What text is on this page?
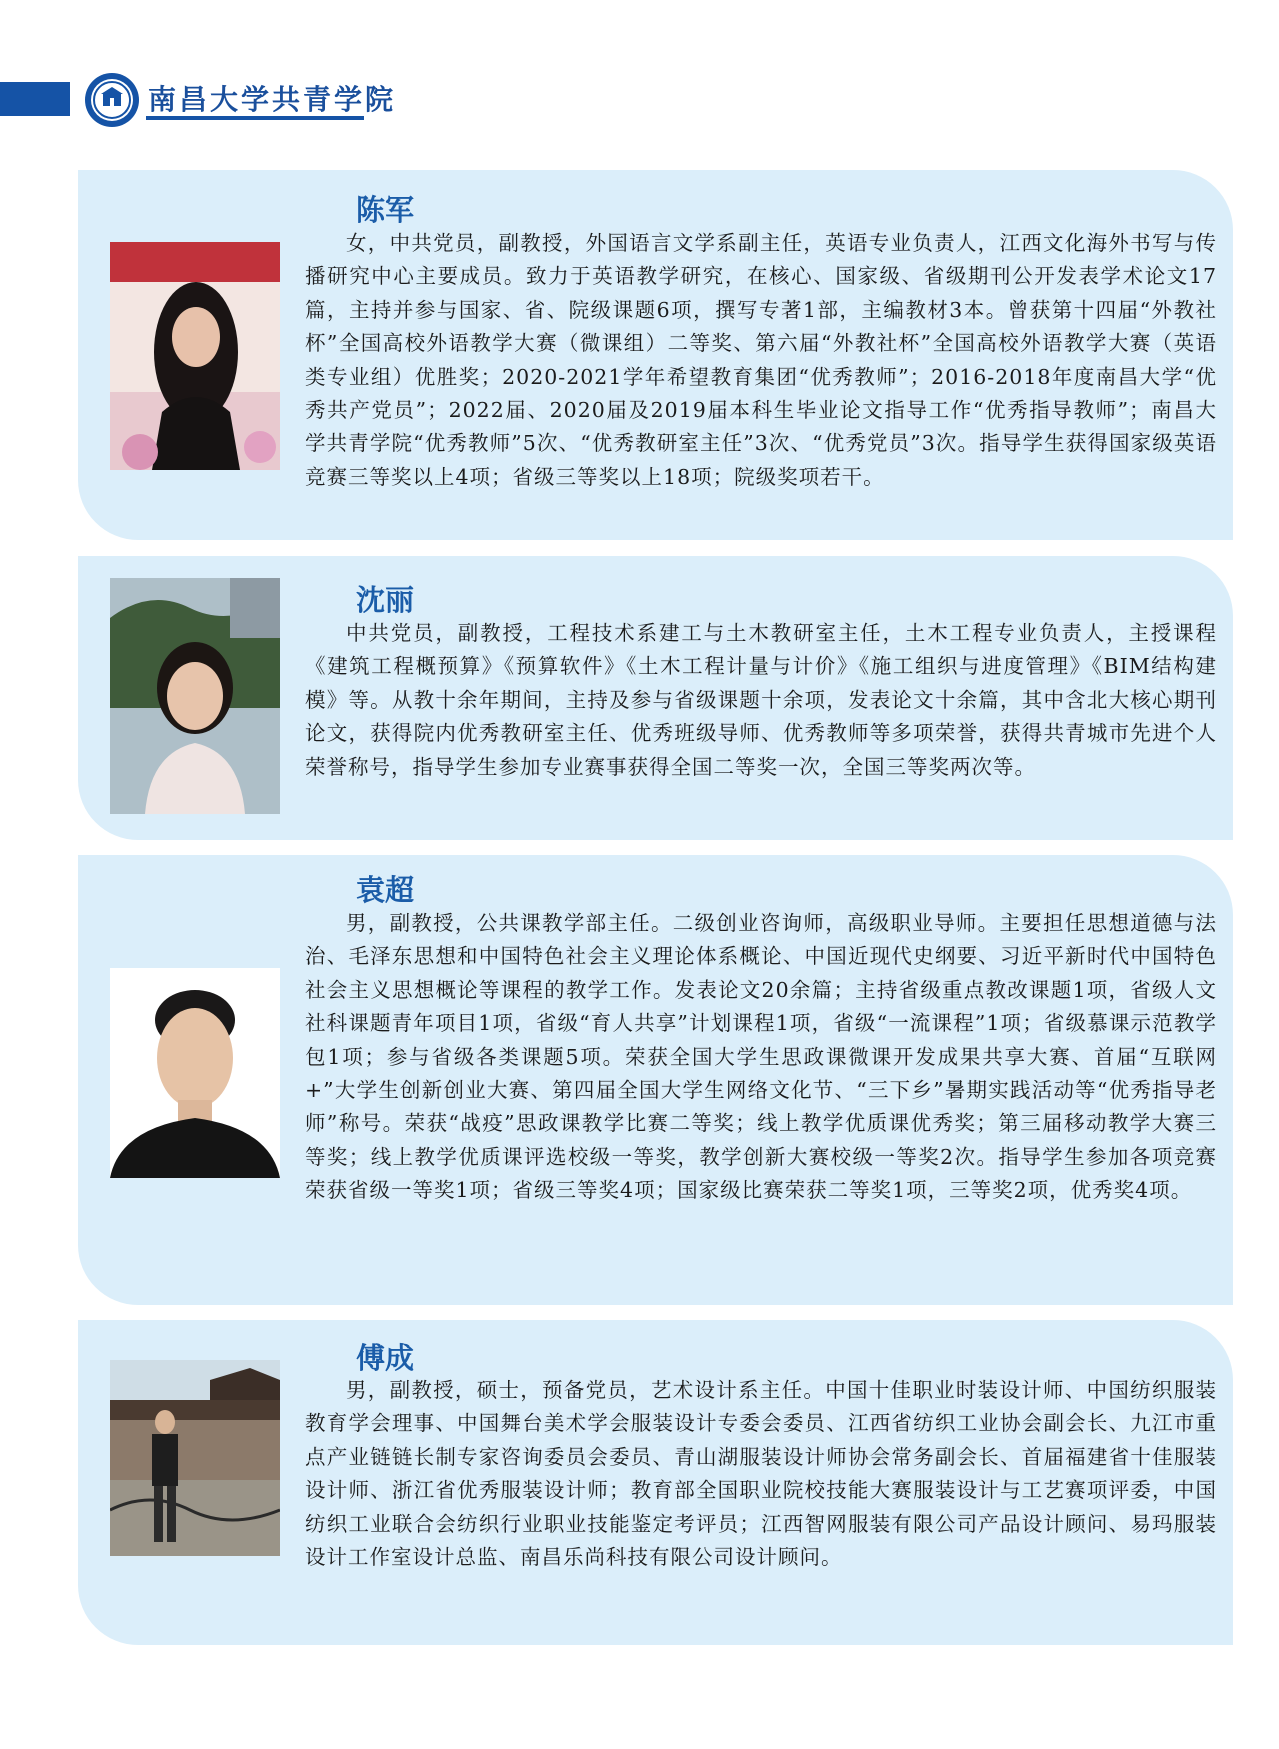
南昌大学共青学院
陈军

女，中共党员，副教授，外国语言文学系副主任，英语专业负责人，江西文化海外书写与传播研究中心主要成员。致力于英语教学研究，在核心、国家级、省级期刊公开发表学术论文17篇，主持并参与国家、省、院级课题6项，撰写专著1部，主编教材3本。曾获第十四届“外教社杯”全国高校外语教学大赛（微课组）二等奖、第六届“外教社杯”全国高校外语教学大赛（英语类专业组）优胜奖；2020-2021学年希望教育集团“优秀教师”；2016-2018年度南昌大学“优秀共产党员”；2022届、2020届及2019届本科生毕业论文指导工作“优秀指导教师”；南昌大学共青学院“优秀教师”5次、“优秀教研室主任”3次、“优秀党员”3次。指导学生获得国家级英语竞赛三等奖以上4项；省级三等奖以上18项；院级奖项若干。

沈丽

中共党员，副教授，工程技术系建工与土木教研室主任，土木工程专业负责人，主授课程《建筑工程概预算》《预算软件》《土木工程计量与计价》《施工组织与进度管理》《BIM结构建模》等。从教十余年期间，主持及参与省级课题十余项，发表论文十余篇，其中含北大核心期刊论文，获得院内优秀教研室主任、优秀班级导师、优秀教师等多项荣誉，获得共青城市先进个人荣誉称号，指导学生参加专业赛事获得全国二等奖一次，全国三等奖两次等。

袁超

男，副教授，公共课教学部主任。二级创业咨询师，高级职业导师。主要担任思想道德与法治、毛泽东思想和中国特色社会主义理论体系概论、中国近现代史纲要、习近平新时代中国特色社会主义思想概论等课程的教学工作。发表论文20余篇；主持省级重点教改课题1项，省级人文社科课题青年项目1项，省级“育人共享”计划课程1项，省级“一流课程”1项；省级慕课示范教学包1项；参与省级各类课题5项。荣获全国大学生思政课微课开发成果共享大赛、首届“互联网+”大学生创新创业大赛、第四届全国大学生网络文化节、“三下乡”暑期实践活动等“优秀指导老师”称号。荣获“战疫”思政课教学比赛二等奖；线上教学优质课优秀奖；第三届移动教学大赛三等奖；线上教学优质课评选校级一等奖，教学创新大赛校级一等奖2次。指导学生参加各项竞赛荣获省级一等奖1项；省级三等奖4项；国家级比赛荣获二等奖1项，三等奖2项，优秀奖4项。

傅成

男，副教授，硕士，预备党员，艺术设计系主任。中国十佳职业时装设计师、中国纺织服装教育学会理事、中国舞台美术学会服装设计专委会委员、江西省纺织工业协会副会长、九江市重点产业链链长制专家咨询委员会委员、青山湖服装设计师协会常务副会长、首届福建省十佳服装设计师、浙江省优秀服装设计师；教育部全国职业院校技能大赛服装设计与工艺赛项评委，中国纺织工业联合会纺织行业职业技能鉴定考评员；江西智网服装有限公司产品设计顾问、易玛服装设计工作室设计总监、南昌乐尚科技有限公司设计顾问。
